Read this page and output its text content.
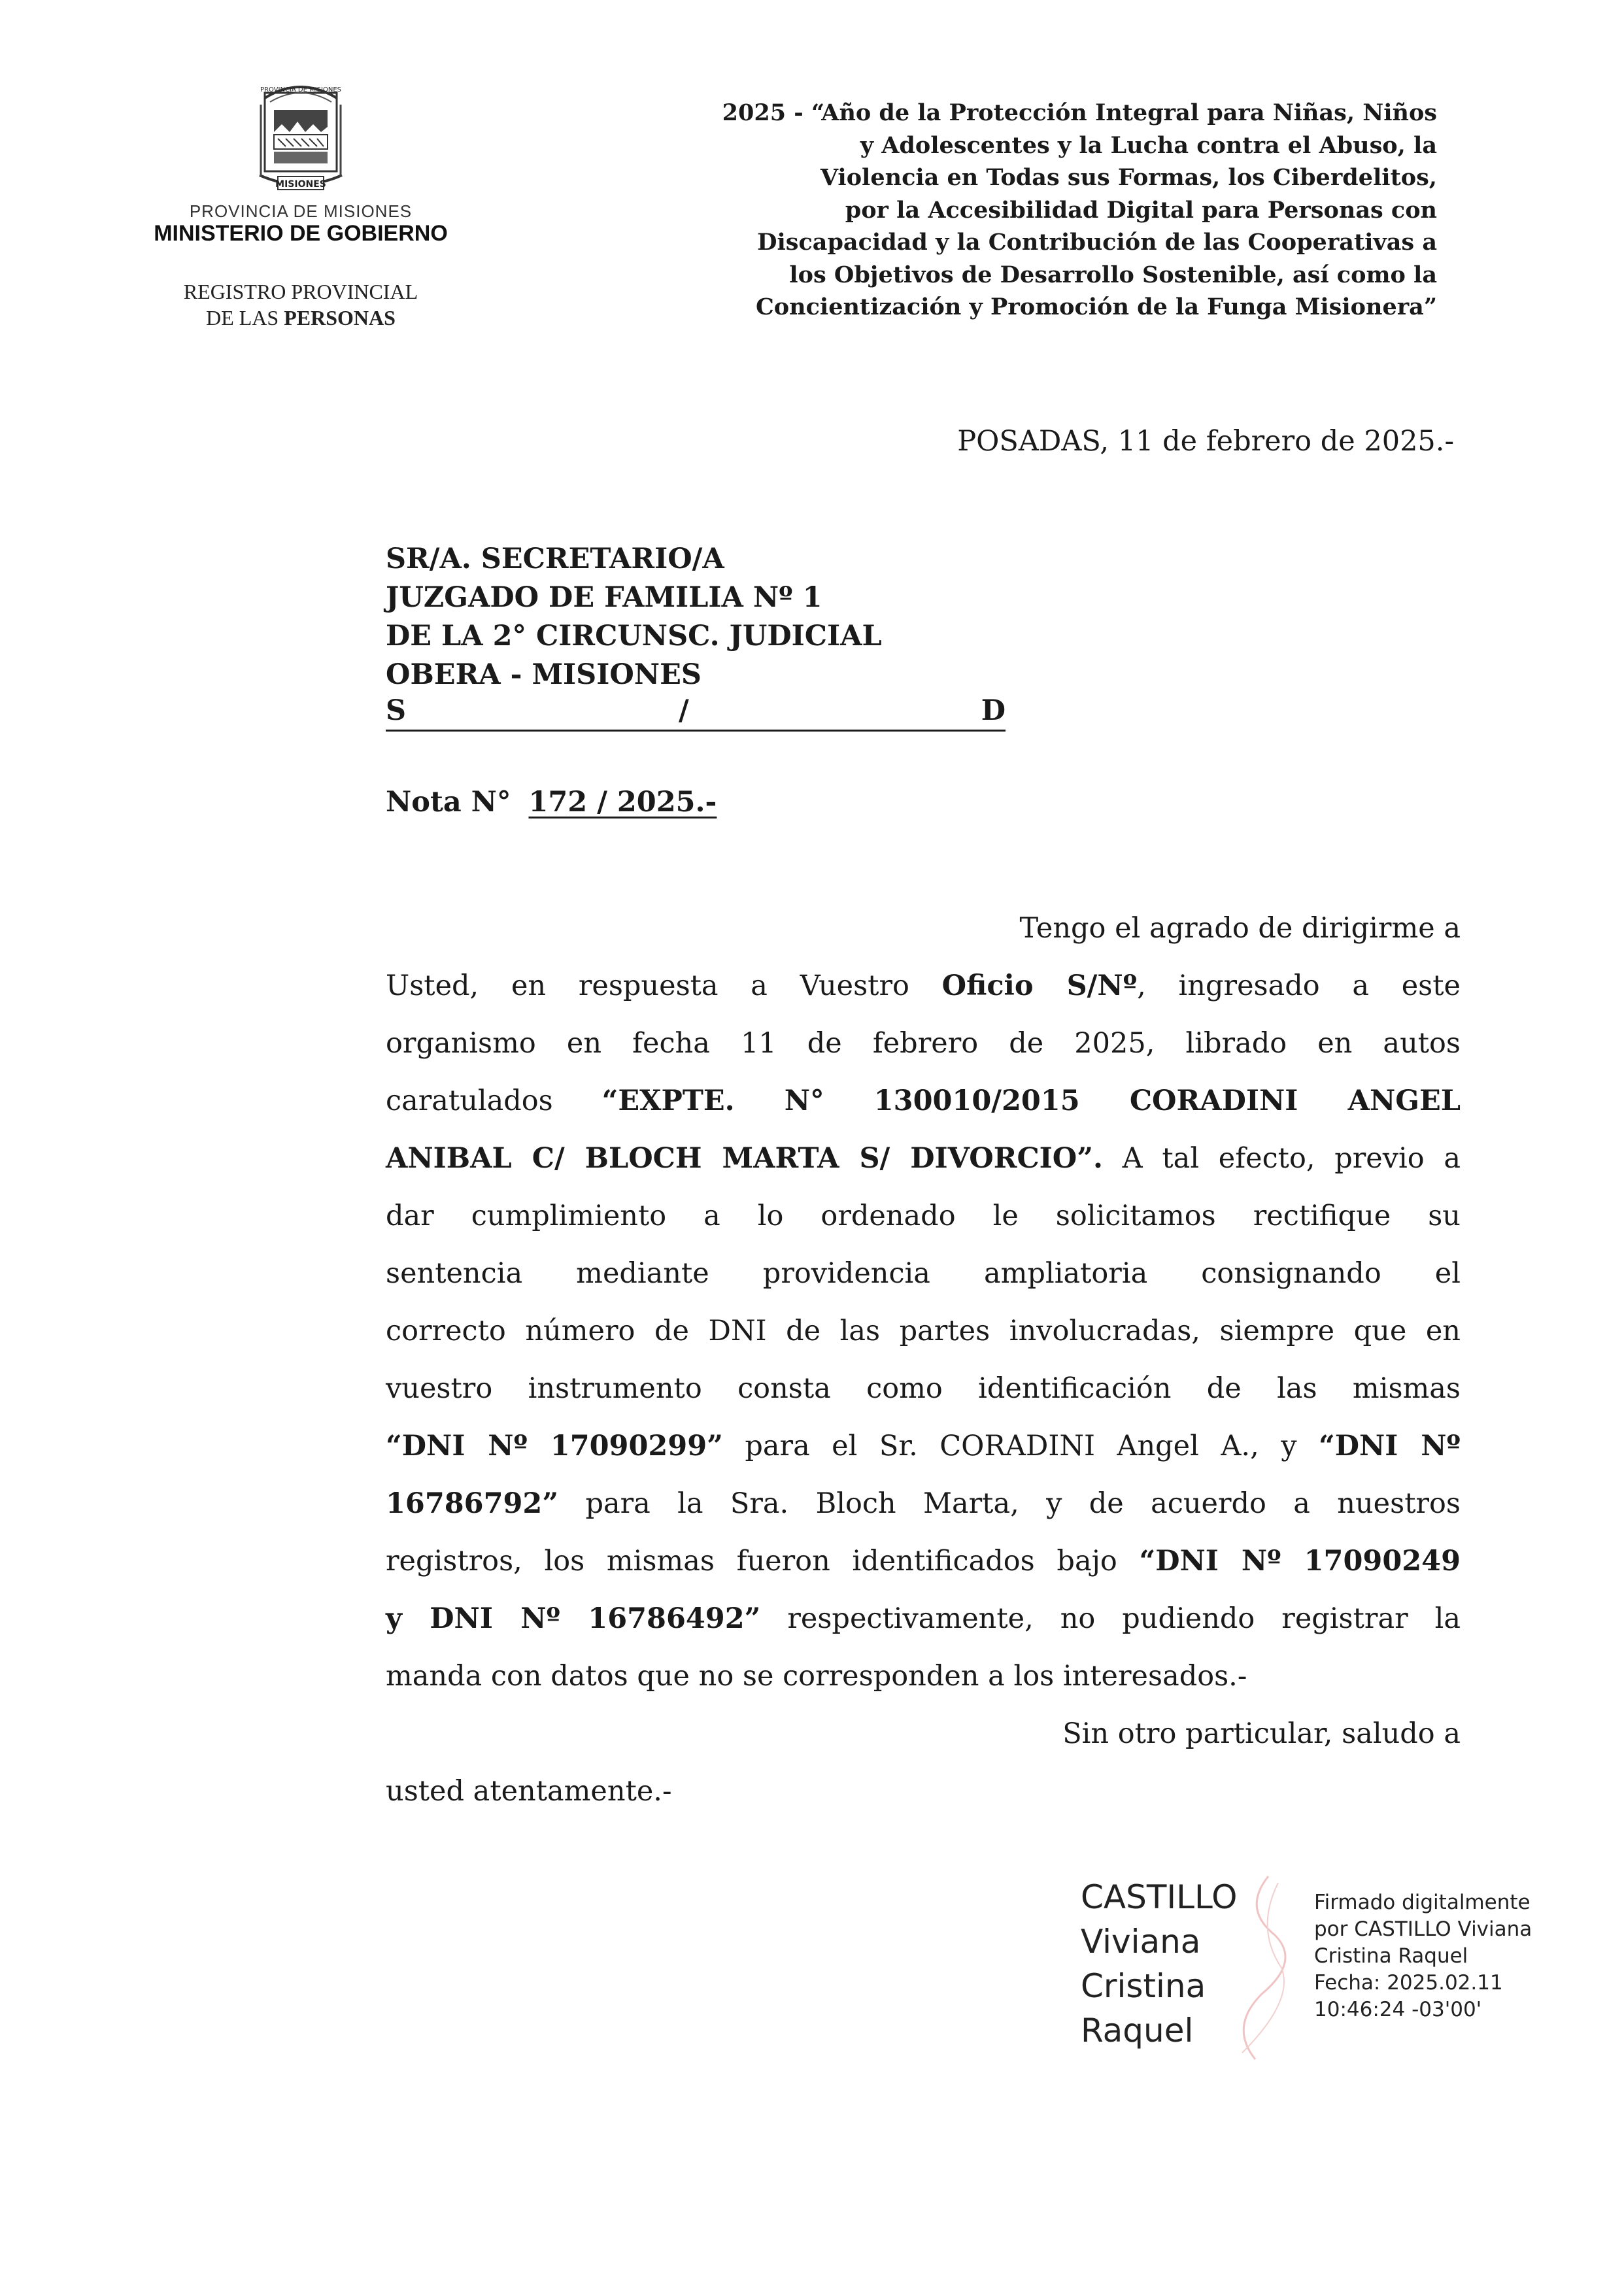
MISIONES
PROVINCIA DE MISIONES
PROVINCIA DE MISIONES
MINISTERIO DE GOBIERNO
REGISTRO PROVINCIAL
DE LAS PERSONAS
2025 - “Año de la Protección Integral para Niñas, Niños
y Adolescentes y la Lucha contra el Abuso, la
Violencia en Todas sus Formas, los Ciberdelitos,
por la Accesibilidad Digital para Personas con
Discapacidad y la Contribución de las Cooperativas a
los Objetivos de Desarrollo Sostenible, así como la
Concientización y Promoción de la Funga Misionera”
POSADAS, 11 de febrero de 2025.-
SR/A. SECRETARIO/A
JUZGADO DE FAMILIA Nº 1
DE LA 2° CIRCUNSC. JUDICIAL
OBERA - MISIONES
S	/	D
Nota N° 172 / 2025.-
Tengo el agrado de dirigirme a
Usted, en respuesta a Vuestro Oficio S/Nº, ingresado a este
organismo en fecha 11 de febrero de 2025, librado en autos
caratulados “EXPTE. N° 130010/2015 CORADINI ANGEL
ANIBAL C/ BLOCH MARTA S/ DIVORCIO”. A tal efecto, previo a
dar cumplimiento a lo ordenado le solicitamos rectifique su
sentencia mediante providencia ampliatoria consignando el
correcto número de DNI de las partes involucradas, siempre que en
vuestro instrumento consta como identificación de las mismas
“DNI Nº 17090299” para el Sr. CORADINI Angel A., y “DNI Nº
16786792” para la Sra. Bloch Marta, y de acuerdo a nuestros
registros, los mismas fueron identificados bajo “DNI Nº 17090249
y DNI Nº 16786492” respectivamente, no pudiendo registrar la
manda con datos que no se corresponden a los interesados.-
Sin otro particular, saludo a
usted atentamente.-
CASTILLO
Viviana
Cristina
Raquel
Firmado digitalmente
por CASTILLO Viviana
Cristina Raquel
Fecha: 2025.02.11
10:46:24 -03'00'
